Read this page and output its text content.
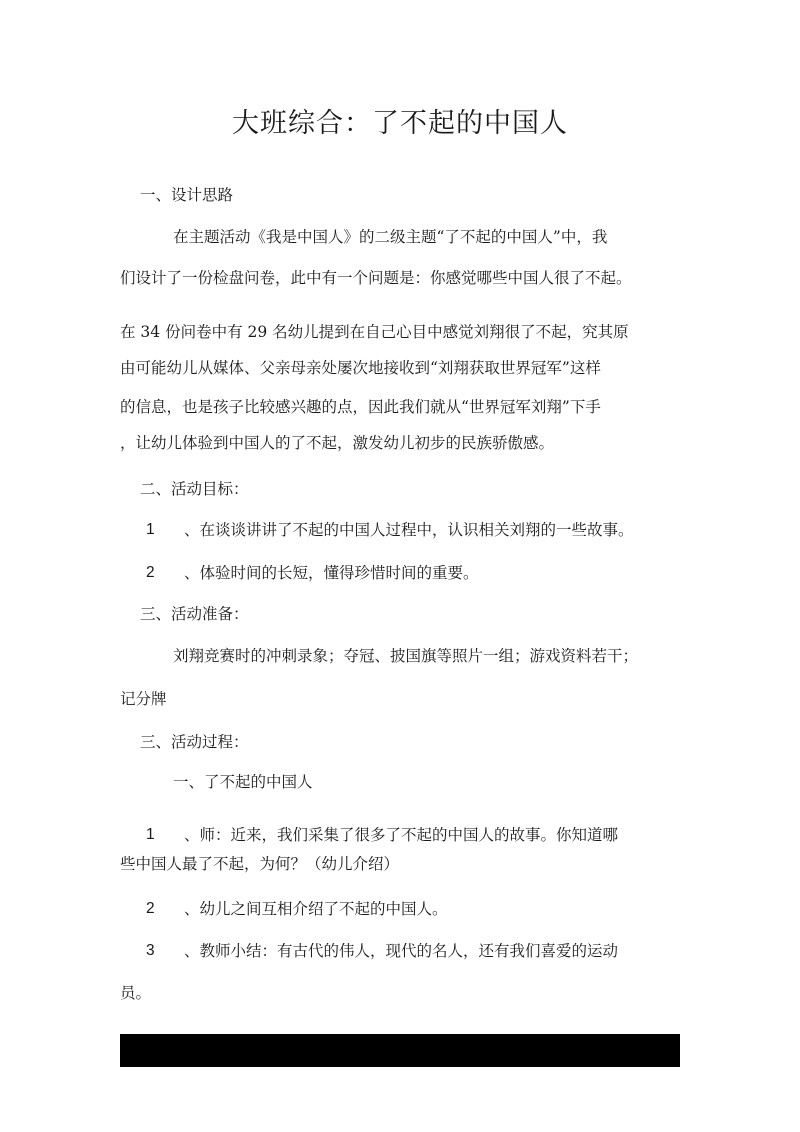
大班综合：了不起的中国人

一、设计思路

在主题活动《我是中国人》的二级主题“了不起的中国人”中，我

们设计了一份检盘问卷，此中有一个问题是：你感觉哪些中国人很了不起。

在 34 份问卷中有 29 名幼儿提到在自己心目中感觉刘翔很了不起，究其原

由可能幼儿从媒体、父亲母亲处屡次地接收到“刘翔获取世界冠军”这样

的信息，也是孩子比较感兴趣的点，因此我们就从“世界冠军刘翔”下手

，让幼儿体验到中国人的了不起，激发幼儿初步的民族骄傲感。

二、活动目标：

1 、在谈谈讲讲了不起的中国人过程中，认识相关刘翔的一些故事。

2 、体验时间的长短，懂得珍惜时间的重要。

三、活动准备：

刘翔竞赛时的冲刺录象；夺冠、披国旗等照片一组；游戏资料若干；

记分牌

三、活动过程：

一、了不起的中国人

1 、师：近来，我们采集了很多了不起的中国人的故事。你知道哪

些中国人最了不起，为何？（幼儿介绍）

2 、幼儿之间互相介绍了不起的中国人。

3 、教师小结：有古代的伟人，现代的名人，还有我们喜爱的运动

员。
